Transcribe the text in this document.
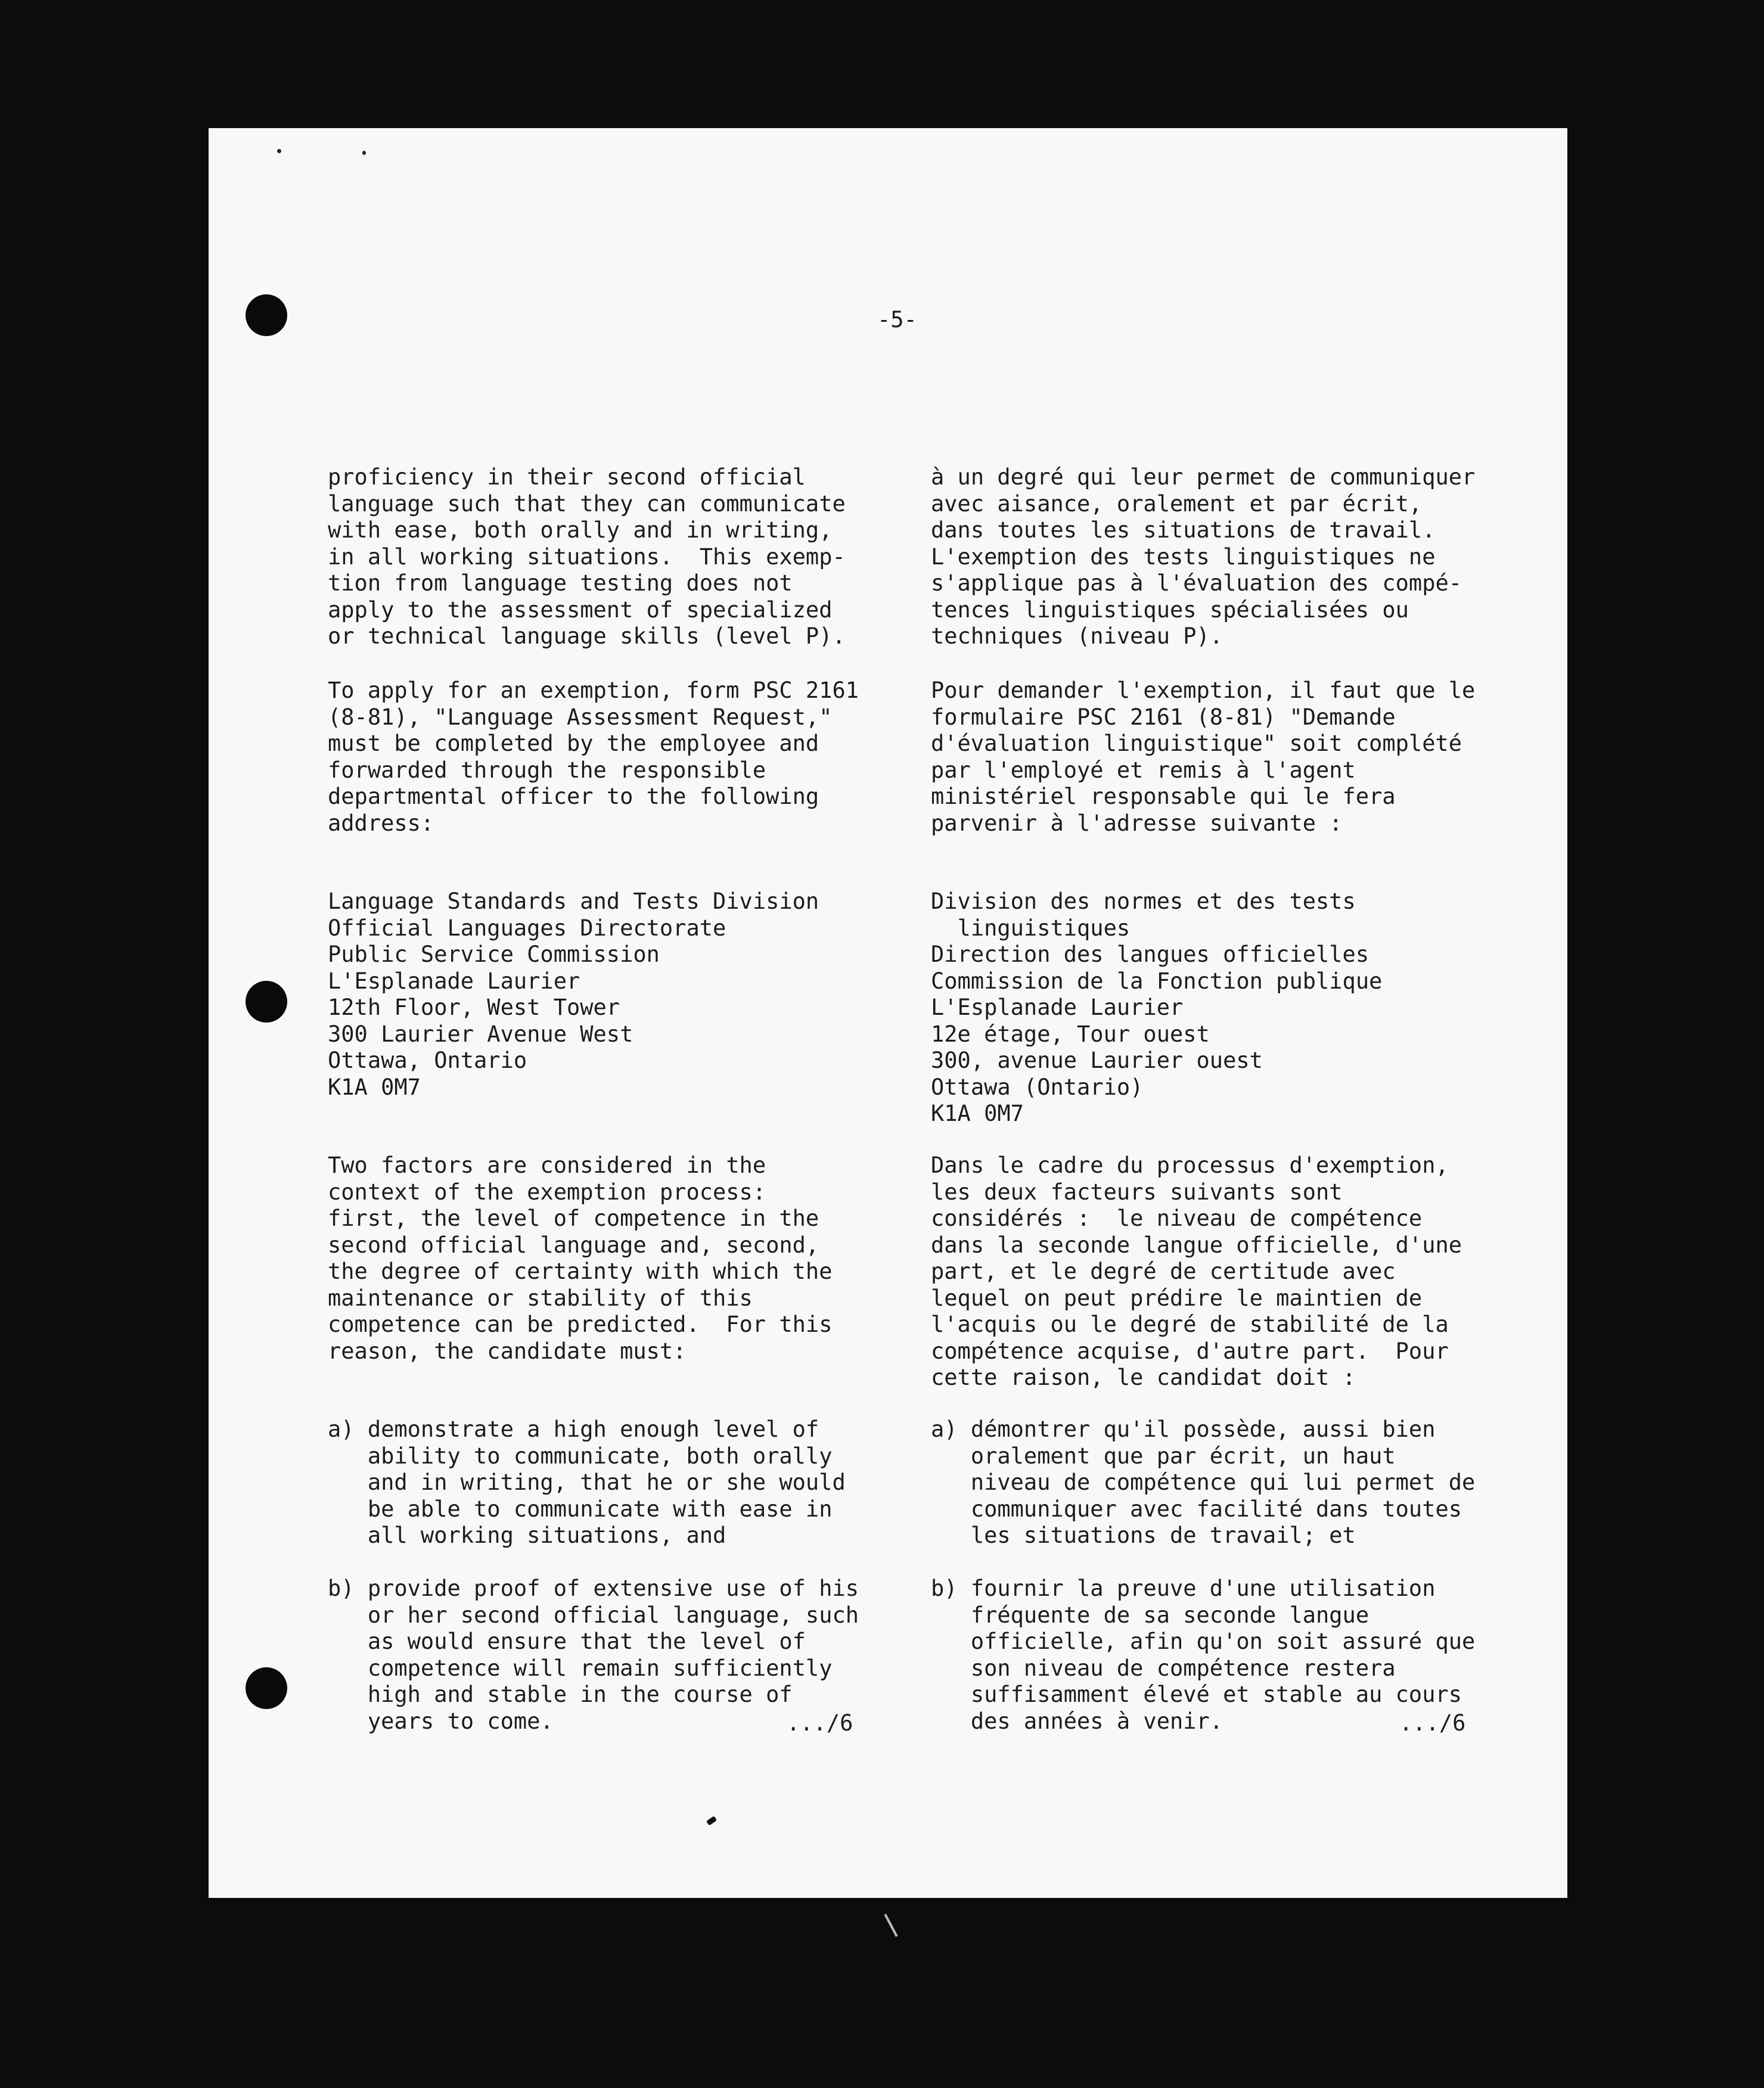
-5-

proficiency in their second official
language such that they can communicate
with ease, both orally and in writing,
in all working situations.  This exemp-
tion from language testing does not
apply to the assessment of specialized
or technical language skills (level P).

To apply for an exemption, form PSC 2161
(8-81), "Language Assessment Request,"
must be completed by the employee and
forwarded through the responsible
departmental officer to the following
address:

Language Standards and Tests Division
Official Languages Directorate
Public Service Commission
L'Esplanade Laurier
12th Floor, West Tower
300 Laurier Avenue West
Ottawa, Ontario
K1A 0M7

Two factors are considered in the
context of the exemption process:
first, the level of competence in the
second official language and, second,
the degree of certainty with which the
maintenance or stability of this
competence can be predicted.  For this
reason, the candidate must:

a) demonstrate a high enough level of
ability to communicate, both orally
and in writing, that he or she would
be able to communicate with ease in
all working situations, and

b) provide proof of extensive use of his
or her second official language, such
as would ensure that the level of
competence will remain sufficiently
high and stable in the course of
years to come.

	.../6

à un degré qui leur permet de communiquer
avec aisance, oralement et par écrit,
dans toutes les situations de travail.
L'exemption des tests linguistiques ne
s'applique pas à l'évaluation des compé-
tences linguistiques spécialisées ou
techniques (niveau P).

Pour demander l'exemption, il faut que le
formulaire PSC 2161 (8-81) "Demande
d'évaluation linguistique" soit complété
par l'employé et remis à l'agent
ministériel responsable qui le fera
parvenir à l'adresse suivante :

Division des normes et des tests
linguistiques
Direction des langues officielles
Commission de la Fonction publique
L'Esplanade Laurier
12e étage, Tour ouest
300, avenue Laurier ouest
Ottawa (Ontario)
K1A 0M7

Dans le cadre du processus d'exemption,
les deux facteurs suivants sont
considérés :  le niveau de compétence
dans la seconde langue officielle, d'une
part, et le degré de certitude avec
lequel on peut prédire le maintien de
l'acquis ou le degré de stabilité de la
compétence acquise, d'autre part.  Pour
cette raison, le candidat doit :

a) démontrer qu'il possède, aussi bien
oralement que par écrit, un haut
niveau de compétence qui lui permet de
communiquer avec facilité dans toutes
les situations de travail; et

b) fournir la preuve d'une utilisation
fréquente de sa seconde langue
officielle, afin qu'on soit assuré que
son niveau de compétence restera
suffisamment élevé et stable au cours
des années à venir.

	.../6
